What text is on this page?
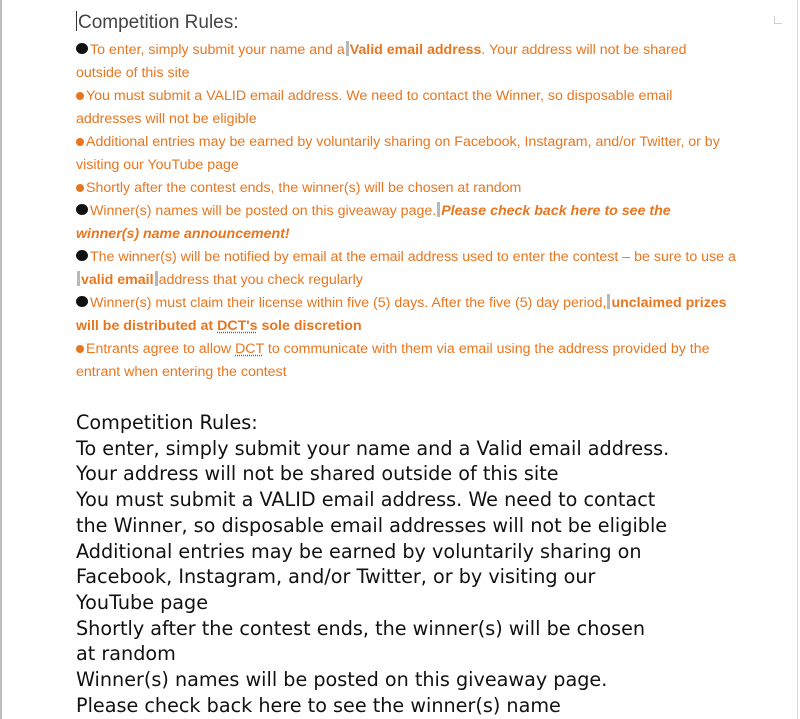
Competition Rules:

To enter, simply submit your name and a Valid email address. Your address will not be shared outside of this site

You must submit a VALID email address. We need to contact the Winner, so disposable email addresses will not be eligible

Additional entries may be earned by voluntarily sharing on Facebook, Instagram, and/or Twitter, or by visiting our YouTube page

Shortly after the contest ends, the winner(s) will be chosen at random

Winner(s) names will be posted on this giveaway page. Please check back here to see the winner(s) name announcement!

The winner(s) will be notified by email at the email address used to enter the contest – be sure to use avalid email address that you check regularly

Winner(s) must claim their license within five (5) days. After the five (5) day period, unclaimed prizes will be distributed at DCT's sole discretion

Entrants agree to allow DCT to communicate with them via email using the address provided by the entrant when entering the contest

Competition Rules:
To enter, simply submit your name and a Valid email address.
Your address will not be shared outside of this site
You must submit a VALID email address. We need to contact
the Winner, so disposable email addresses will not be eligible
Additional entries may be earned by voluntarily sharing on
Facebook, Instagram, and/or Twitter, or by visiting our
YouTube page
Shortly after the contest ends, the winner(s) will be chosen
at random
Winner(s) names will be posted on this giveaway page.
Please check back here to see the winner(s) name
